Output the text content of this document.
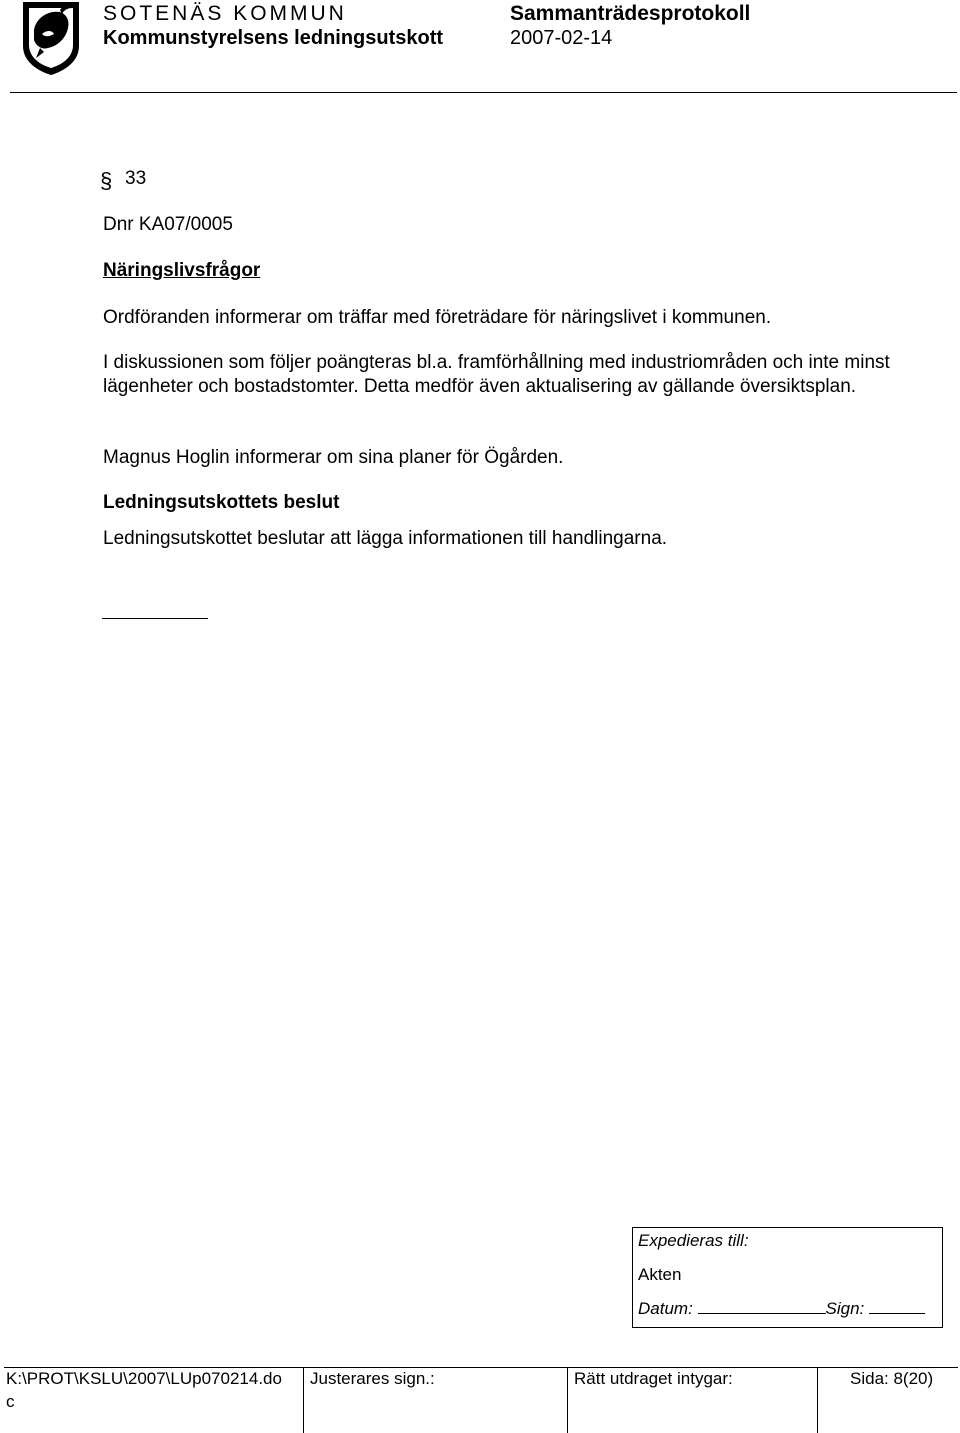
SOTENÄS KOMMUN
Kommunstyrelsens ledningsutskott
Sammanträdesprotokoll
2007-02-14
§ 33
Dnr KA07/0005
Näringslivsfrågor
Ordföranden informerar om träffar med företrädare för näringslivet i kommunen.
I diskussionen som följer poängteras bl.a. framförhållning med industriområden och inte minst lägenheter och bostadstomter. Detta medför även aktualisering av gällande översiktsplan.
Magnus Hoglin informerar om sina planer för Ögården.
Ledningsutskottets beslut
Ledningsutskottet beslutar att lägga informationen till handlingarna.
Expedieras till:
Akten
Datum:	Sign:
K:\PROT\KSLU\2007\LUp070214.do
c
Justerares sign.:	Rätt utdraget intygar:	Sida: 8(20)
